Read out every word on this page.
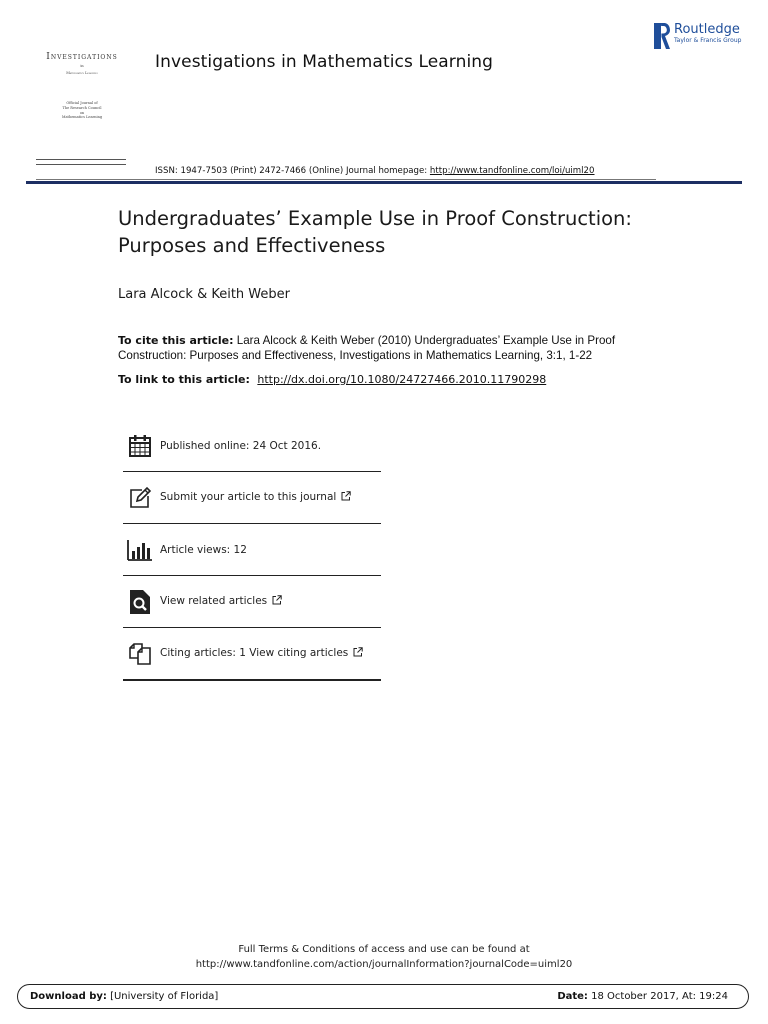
Investigations
in
Mathematics Learning
Official Journal of
The Research Council
on
Mathematics Learning
Investigations in Mathematics Learning
Routledge
Taylor & Francis Group
ISSN: 1947-7503 (Print) 2472-7466 (Online) Journal homepage: http://www.tandfonline.com/loi/uiml20
Undergraduates’ Example Use in Proof Construction: Purposes and Effectiveness
Lara Alcock & Keith Weber
To cite this article: Lara Alcock & Keith Weber (2010) Undergraduates’ Example Use in Proof Construction: Purposes and Effectiveness, Investigations in Mathematics Learning, 3:1, 1-22
To link to this article: http://dx.doi.org/10.1080/24727466.2010.11790298
Published online: 24 Oct 2016.
Submit your article to this journal
Article views: 12
View related articles
Citing articles: 1 View citing articles
Full Terms & Conditions of access and use can be found at
http://www.tandfonline.com/action/journalInformation?journalCode=uiml20
Download by: [University of Florida]	Date: 18 October 2017, At: 19:24
